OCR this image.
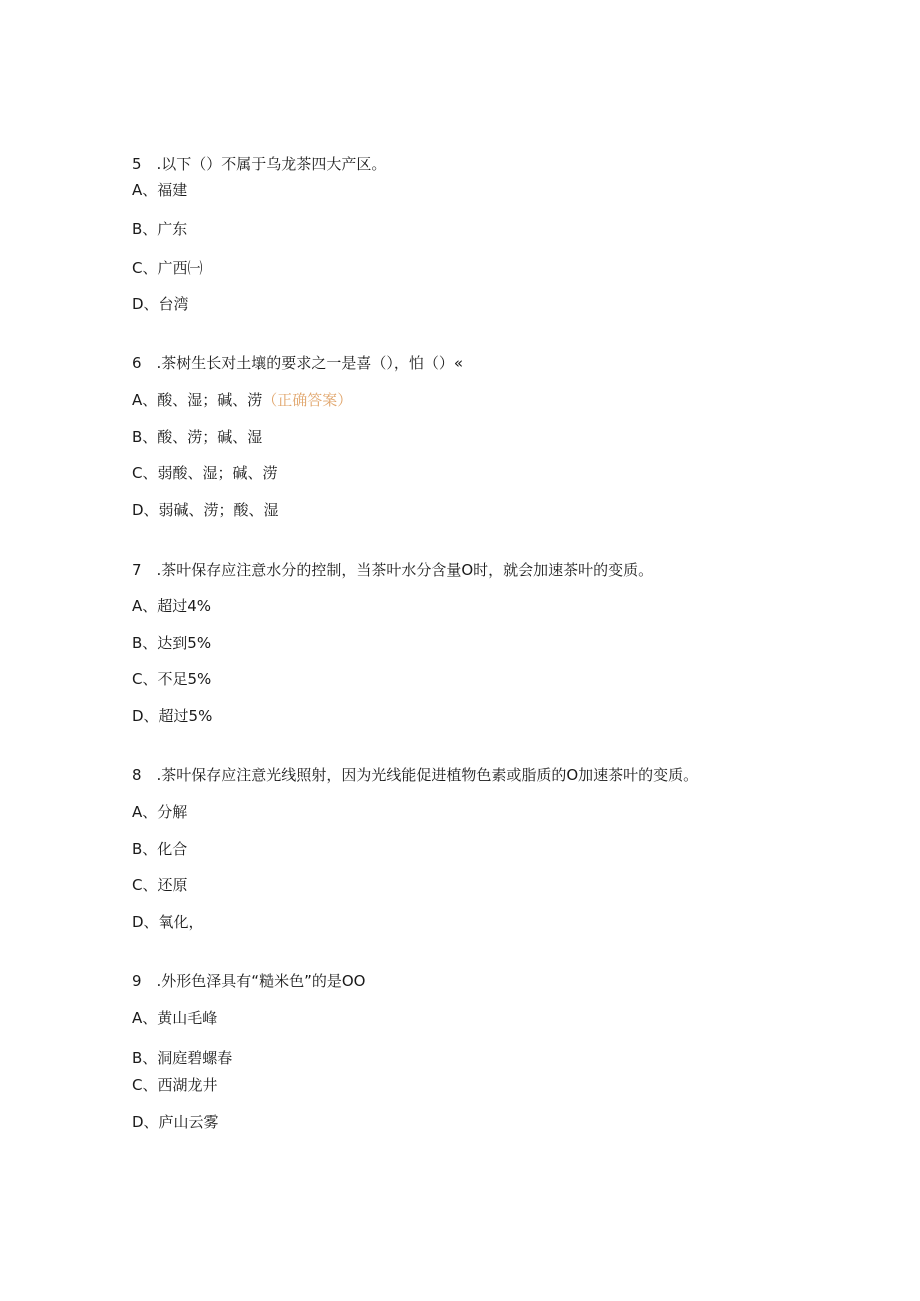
5　.以下（）不属于乌龙茶四大产区。
A、福建
B、广东
C、广西㈠
D、台湾
6　.茶树生长对土壤的要求之一是喜（），怕（）«
A、酸、湿；碱、涝（正确答案）
B、酸、涝；碱、湿
C、弱酸、湿；碱、涝
D、弱碱、涝；酸、湿
7　.茶叶保存应注意水分的控制，当茶叶水分含量O时，就会加速茶叶的变质。
A、超过4%
B、达到5%
C、不足5%
D、超过5%
8　.茶叶保存应注意光线照射，因为光线能促进植物色素或脂质的O加速茶叶的变质。
A、分解
B、化合
C、还原
D、氧化，
9　.外形色泽具有“糙米色”的是OO
A、黄山毛峰
B、洞庭碧螺春
C、西湖龙井
D、庐山云雾
